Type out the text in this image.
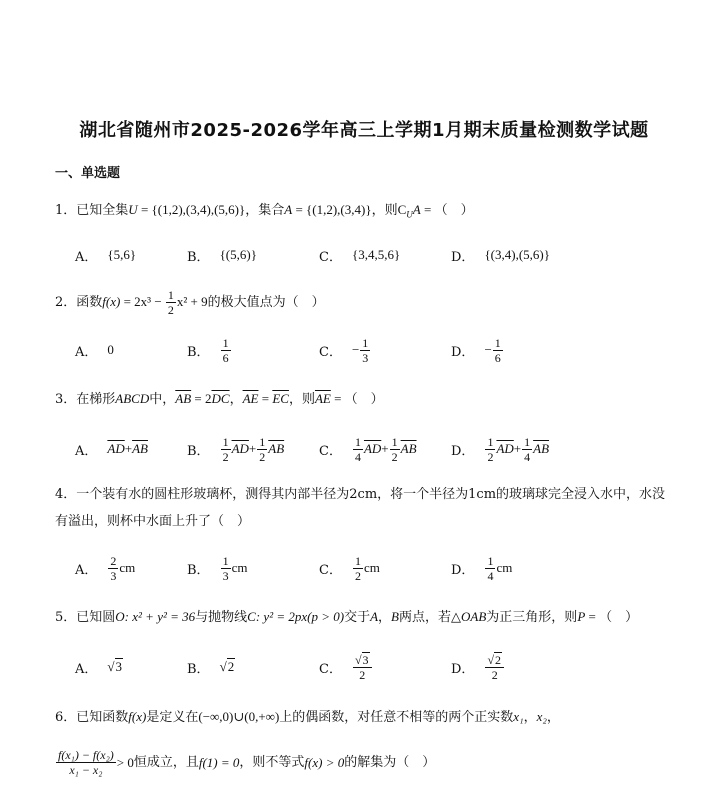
湖北省随州市2025-2026学年高三上学期1月期末质量检测数学试题
一、单选题
1．已知全集U = {(1,2),(3,4),(5,6)}，集合A = {(1,2),(3,4)}，则$C_UA$ = （　）
A． {5,6}	B． {(5,6)}	C． {3,4,5,6}	D． {(3,4),(5,6)}
2．函数$f(x) = 2x^3 - \frac{1}{2} x^2 + 9$的极大值点为（　）
A． 0	B． $\frac{1}{6}$	C． − $\frac{1}{3}$	D． − $\frac{1}{6}$
3．在梯形ABCD中，$\overline{AB} = 2\overline{DC}$，$\overline{AE} = \overline{EC}$，则$\overline{AE}$ = （　）
A． $\overline{AD} + \overline{AB}$	B． $\frac{1}{2} \overline{AD} + \frac{1}{2} \overline{AB}$	C． $\frac{1}{4} \overline{AD} + \frac{1}{2} \overline{AB}$	D． $\frac{1}{2} \overline{AD} + \frac{1}{4} \overline{AB}$
4．一个装有水的圆柱形玻璃杯，测得其内部半径为2cm，将一个半径为1cm的玻璃球完全浸入水中，水没
有溢出，则杯中水面上升了（　）
A． $\frac{2}{3}$ cm	B． $\frac{1}{3}$ cm	C． $\frac{1}{2}$ cm	D． $\frac{1}{4}$ cm
5．已知圆O: x² + y² = 36与抛物线C: y² = 2px(p > 0)交于A，B两点，若△OAB为正三角形，则P = （　）
A． √3	B． √2	C． $\frac{√3}{2}$	D． $\frac{√2}{2}$
6．已知函数f(x)是定义在(−∞,0)∪(0,+∞)上的偶函数，对任意不相等的两个正实数x₁，x₂，
$\frac{\text{f(x₁) − f(x₂)}}{\text{x₁ − x₂}} > 0$ 恒成立，且 f(1) = 0 ，则不等式 f(x) > 0 的解集为（　）
